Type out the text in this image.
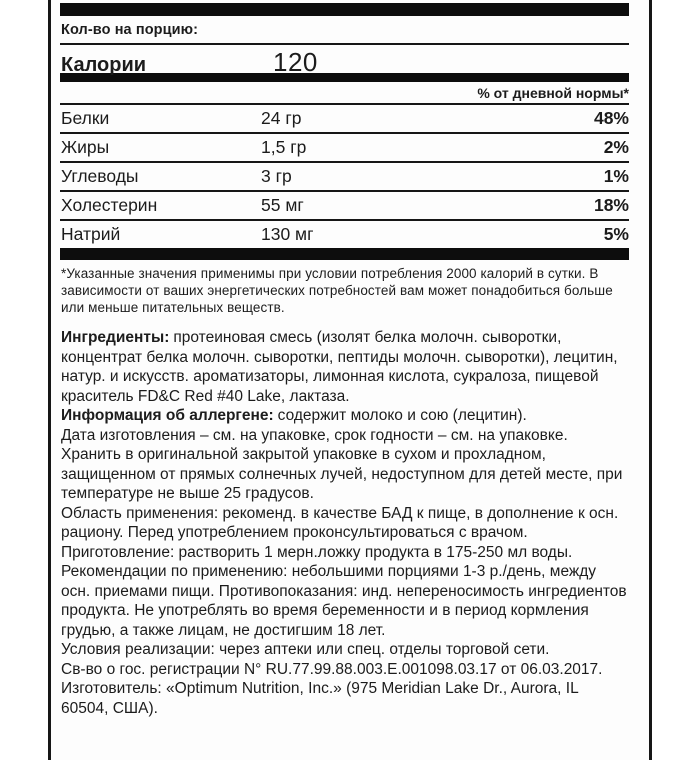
Кол-во на порцию:
Калории	120
% от дневной нормы*
Белки	24 гр	48%
Жиры	1,5 гр	2%
Углеводы	3 гр	1%
Холестерин	55 мг	18%
Натрий	130 мг	5%
*Указанные значения применимы при условии потребления 2000 калорий в сутки. В зависимости от ваших энергетических потребностей вам может понадобиться больше или меньше питательных веществ.
Ингредиенты: протеиновая смесь (изолят белка молочн. сыворотки, концентрат белка молочн. сыворотки, пептиды молочн. сыворотки), лецитин, натур. и искусств. ароматизаторы, лимонная кислота, сукралоза, пищевой краситель FD&C Red #40 Lake, лактаза.
Информация об аллергене: содержит молоко и сою (лецитин).
Дата изготовления – см. на упаковке, срок годности – см. на упаковке.
Хранить в оригинальной закрытой упаковке в сухом и прохладном, защищенном от прямых солнечных лучей, недоступном для детей месте, при температуре не выше 25 градусов.
Область применения: рекоменд. в качестве БАД к пище, в дополнение к осн. рациону. Перед употреблением проконсультироваться с врачом.
Приготовление: растворить 1 мерн.ложку продукта в 175-250 мл воды.
Рекомендации по применению: небольшими порциями 1-3 р./день, между осн. приемами пищи. Противопоказания: инд. непереносимость ингредиентов продукта. Не употреблять во время беременности и в период кормления грудью, а также лицам, не достигшим 18 лет.
Условия реализации: через аптеки или спец. отделы торговой сети.
Св-во о гос. регистрации N° RU.77.99.88.003.E.001098.03.17 от 06.03.2017.
Изготовитель: «Optimum Nutrition, Inc.» (975 Meridian Lake Dr., Aurora, IL 60504, США).
